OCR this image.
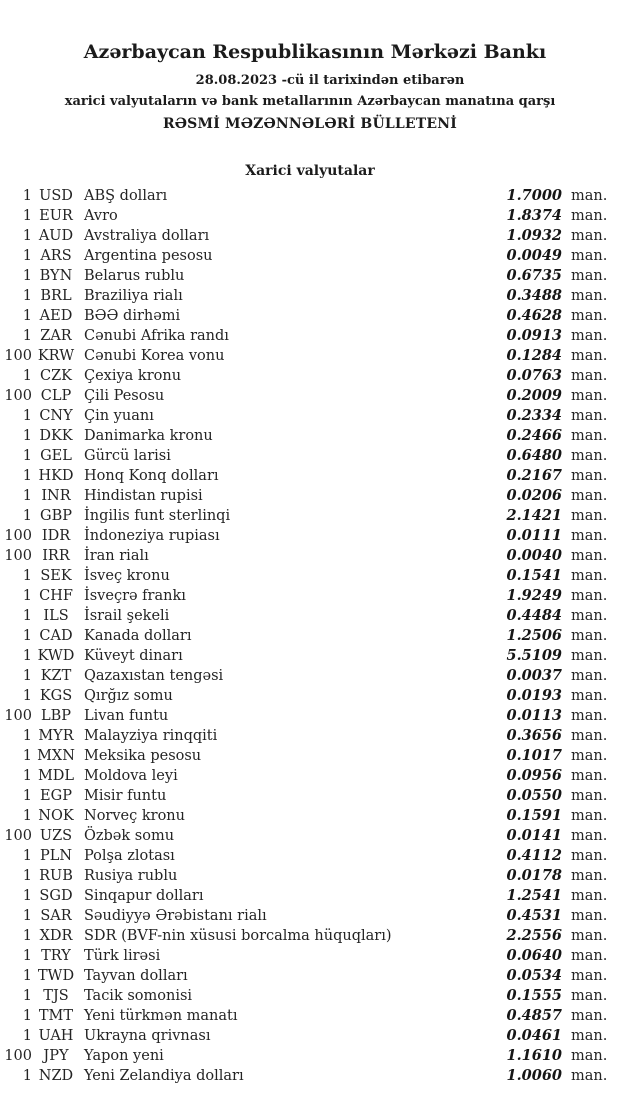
Azərbaycan Respublikasının Mərkəzi Bankı
28.08.2023 -cü il tarixindən etibarən
xarici valyutaların və bank metallarının Azərbaycan manatına qarşı
RƏSMİ MƏZƏNNƏLƏRİ BÜLLETENİ
Xarici valyutalar
1 USD ABŞ dolları	1.7000 man.
1 EUR Avro	1.8374 man.
1 AUD Avstraliya dolları	1.0932 man.
1 ARS Argentina pesosu	0.0049 man.
1 BYN Belarus rublu	0.6735 man.
1 BRL Braziliya rialı	0.3488 man.
1 AED BƏƏ dirhəmi	0.4628 man.
1 ZAR Cənubi Afrika randı	0.0913 man.
100 KRW Cənubi Korea vonu	0.1284 man.
1 CZK Çexiya kronu	0.0763 man.
100 CLP Çili Pesosu	0.2009 man.
1 CNY Çin yuanı	0.2334 man.
1 DKK Danimarka kronu	0.2466 man.
1 GEL Gürcü larisi	0.6480 man.
1 HKD Honq Konq dolları	0.2167 man.
1 INR Hindistan rupisi	0.0206 man.
1 GBP İngilis funt sterlinqi	2.1421 man.
100 IDR İndoneziya rupiası	0.0111 man.
100 IRR İran rialı	0.0040 man.
1 SEK İsveç kronu	0.1541 man.
1 CHF İsveçrə frankı	1.9249 man.
1 ILS	İsrail şekeli	0.4484 man.
1 CAD Kanada dolları	1.2506 man.
1 KWD Küveyt dinarı	5.5109 man.
1 KZT Qazaxıstan tengəsi	0.0037 man.
1 KGS Qırğız somu	0.0193 man.
100 LBP Livan funtu	0.0113 man.
1 MYR Malayziya rinqqiti	0.3656 man.
1 MXN Meksika pesosu	0.1017 man.
1 MDL Moldova leyi	0.0956 man.
1 EGP Misir funtu	0.0550 man.
1 NOK Norveç kronu	0.1591 man.
100 UZS Özbək somu	0.0141 man.
1 PLN Polşa zlotası	0.4112 man.
1 RUB Rusiya rublu	0.0178 man.
1 SGD Sinqapur dolları	1.2541 man.
1 SAR Səudiyyə Ərəbistanı rialı	0.4531 man.
1 XDR SDR (BVF-nin xüsusi borcalma hüquqları)	2.2556 man.
1 TRY Türk lirəsi	0.0640 man.
1 TWD Tayvan dolları	0.0534 man.
1 TJS	Tacik somonisi	0.1555 man.
1 TMT Yeni türkmən manatı	0.4857 man.
1 UAH Ukrayna qrivnası	0.0461 man.
100 JPY	Yapon yeni	1.1610 man.
1 NZD Yeni Zelandiya dolları	1.0060 man.
